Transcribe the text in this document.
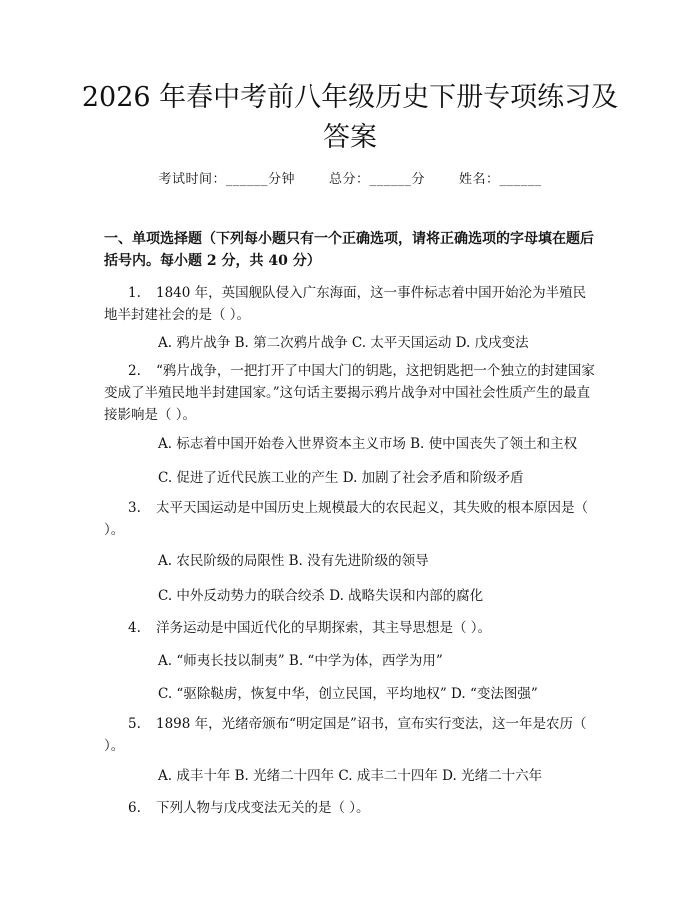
2026 年春中考前八年级历史下册专项练习及
答案
考试时间：______分钟	总分：______分	姓名：______

一、单项选择题（下列每小题只有一个正确选项，请将正确选项的字母填在题后括号内。每小题 2 分，共 40 分）

1. 1840 年，英国舰队侵入广东海面，这一事件标志着中国开始沦为半殖民地半封建社会的是（ ）。

A. 鸦片战争 B. 第二次鸦片战争 C. 太平天国运动 D. 戊戌变法

2. “鸦片战争，一把打开了中国大门的钥匙，这把钥匙把一个独立的封建国家变成了半殖民地半封建国家。”这句话主要揭示鸦片战争对中国社会性质产生的最直接影响是（ ）。

A. 标志着中国开始卷入世界资本主义市场 B. 使中国丧失了领土和主权

C. 促进了近代民族工业的产生 D. 加剧了社会矛盾和阶级矛盾

3. 太平天国运动是中国历史上规模最大的农民起义，其失败的根本原因是（ ）。

A. 农民阶级的局限性 B. 没有先进阶级的领导

C. 中外反动势力的联合绞杀 D. 战略失误和内部的腐化

4. 洋务运动是中国近代化的早期探索，其主导思想是（ ）。

A. “师夷长技以制夷” B. “中学为体，西学为用”

C. “驱除鞑虏，恢复中华，创立民国，平均地权” D. “变法图强”

5. 1898 年，光绪帝颁布“明定国是”诏书，宣布实行变法，这一年是农历（ ）。

A. 成丰十年 B. 光绪二十四年 C. 成丰二十四年 D. 光绪二十六年

6. 下列人物与戊戌变法无关的是（ ）。
